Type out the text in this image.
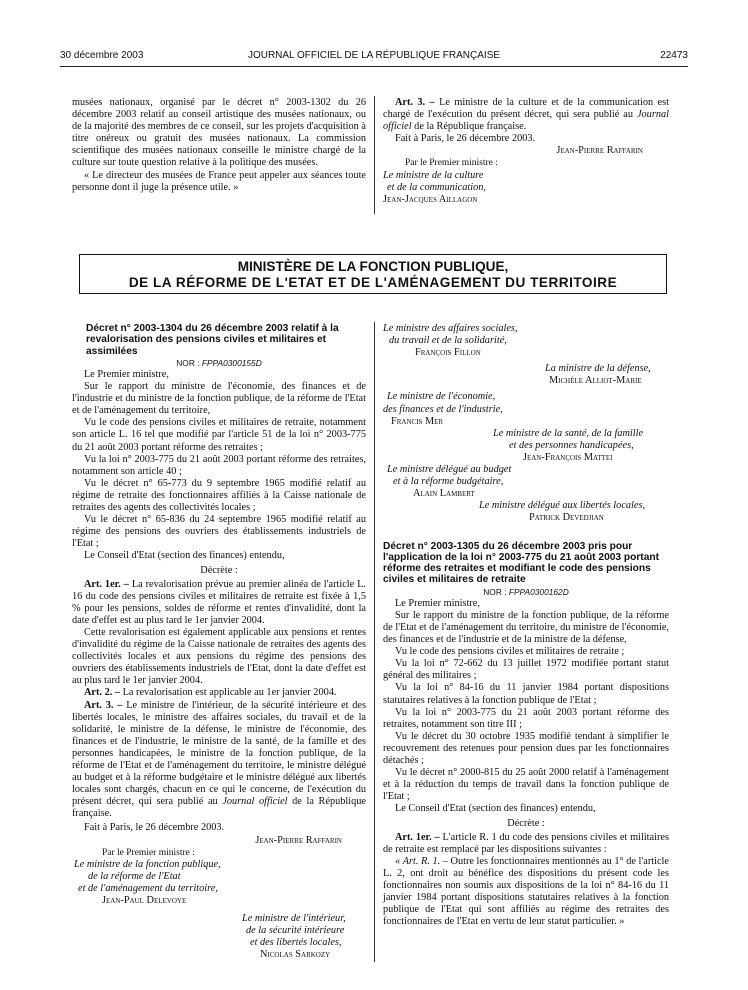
30 décembre 2003	JOURNAL OFFICIEL DE LA RÉPUBLIQUE FRANÇAISE	22473

musées nationaux, organisé par le décret n° 2003-1302 du 26 décembre 2003 relatif au conseil artistique des musées nationaux, ou de la majorité des membres de ce conseil, sur les projets d'acquisition à titre onéreux ou gratuit des musées nationaux. La commission scientifique des musées nationaux conseille le ministre chargé de la culture sur toute question relative à la politique des musées.

« Le directeur des musées de France peut appeler aux séances toute personne dont il juge la présence utile. »

Art. 3. – Le ministre de la culture et de la communication est chargé de l'exécution du présent décret, qui sera publié au Journal officiel de la République française.

Fait à Paris, le 26 décembre 2003.

Jean-Pierre Raffarin

Par le Premier ministre :

Le ministre de la culture

et de la communication,

Jean-Jacques Aillagon

MINISTÈRE DE LA FONCTION PUBLIQUE,
DE LA RÉFORME DE L'ETAT ET DE L'AMÉNAGEMENT DU TERRITOIRE

Décret n° 2003-1304 du 26 décembre 2003 relatif à la revalorisation des pensions civiles et militaires et assimilées

NOR : FPPA0300155D

Le Premier ministre,

Sur le rapport du ministre de l'économie, des finances et de l'industrie et du ministre de la fonction publique, de la réforme de l'Etat et de l'aménagement du territoire,

Vu le code des pensions civiles et militaires de retraite, notamment son article L. 16 tel que modifié par l'article 51 de la loi n° 2003-775 du 21 août 2003 portant réforme des retraites ;

Vu la loi n° 2003-775 du 21 août 2003 portant réforme des retraites, notamment son article 40 ;

Vu le décret n° 65-773 du 9 septembre 1965 modifié relatif au régime de retraite des fonctionnaires affiliés à la Caisse nationale de retraites des agents des collectivités locales ;

Vu le décret n° 65-836 du 24 septembre 1965 modifié relatif au régime des pensions des ouvriers des établissements industriels de l'Etat ;

Le Conseil d'Etat (section des finances) entendu,

Décrète :

Art. 1er. – La revalorisation prévue au premier alinéa de l'article L. 16 du code des pensions civiles et militaires de retraite est fixée à 1,5 % pour les pensions, soldes de réforme et rentes d'invalidité, dont la date d'effet est au plus tard le 1er janvier 2004.

Cette revalorisation est également applicable aux pensions et rentes d'invalidité du régime de la Caisse nationale de retraites des agents des collectivités locales et aux pensions du régime des pensions des ouvriers des établissements industriels de l'Etat, dont la date d'effet est au plus tard le 1er janvier 2004.

Art. 2. – La revalorisation est applicable au 1er janvier 2004.

Art. 3. – Le ministre de l'intérieur, de la sécurité intérieure et des libertés locales, le ministre des affaires sociales, du travail et de la solidarité, le ministre de la défense, le ministre de l'économie, des finances et de l'industrie, le ministre de la santé, de la famille et des personnes handicapées, le ministre de la fonction publique, de la réforme de l'Etat et de l'aménagement du territoire, le ministre délégué au budget et à la réforme budgétaire et le ministre délégué aux libertés locales sont chargés, chacun en ce qui le concerne, de l'exécution du présent décret, qui sera publié au Journal officiel de la République française.

Fait à Paris, le 26 décembre 2003.

Jean-Pierre Raffarin

Par le Premier ministre :

Le ministre de la fonction publique,

de la réforme de l'Etat

et de l'aménagement du territoire,

Jean-Paul Delevoye

Le ministre de l'intérieur,

de la sécurité intérieure

et des libertés locales,

Nicolas Sarkozy

Le ministre des affaires sociales,

du travail et de la solidarité,

François Fillon

La ministre de la défense,

Michèle Alliot-Marie

Le ministre de l'économie,

des finances et de l'industrie,

Francis Mer

Le ministre de la santé, de la famille

et des personnes handicapées,

Jean-François Mattei

Le ministre délégué au budget

et à la réforme budgétaire,

Alain Lambert

Le ministre délégué aux libertés locales,

Patrick Devedjian

Décret n° 2003-1305 du 26 décembre 2003 pris pour l'application de la loi n° 2003-775 du 21 août 2003 portant réforme des retraites et modifiant le code des pensions civiles et militaires de retraite

NOR : FPPA0300162D

Le Premier ministre,

Sur le rapport du ministre de la fonction publique, de la réforme de l'Etat et de l'aménagement du territoire, du ministre de l'économie, des finances et de l'industrie et de la ministre de la défense,

Vu le code des pensions civiles et militaires de retraite ;

Vu la loi n° 72-662 du 13 juillet 1972 modifiée portant statut général des militaires ;

Vu la loi n° 84-16 du 11 janvier 1984 portant dispositions statutaires relatives à la fonction publique de l'Etat ;

Vu la loi n° 2003-775 du 21 août 2003 portant réforme des retraites, notamment son titre III ;

Vu le décret du 30 octobre 1935 modifié tendant à simplifier le recouvrement des retenues pour pension dues par les fonctionnaires détachés ;

Vu le décret n° 2000-815 du 25 août 2000 relatif à l'aménagement et à la réduction du temps de travail dans la fonction publique de l'Etat ;

Le Conseil d'Etat (section des finances) entendu,

Décrète :

Art. 1er. – L'article R. 1 du code des pensions civiles et militaires de retraite est remplacé par les dispositions suivantes :

« Art. R. 1. – Outre les fonctionnaires mentionnés au 1° de l'article L. 2, ont droit au bénéfice des dispositions du présent code les fonctionnaires non soumis aux dispositions de la loi n° 84-16 du 11 janvier 1984 portant dispositions statutaires relatives à la fonction publique de l'Etat qui sont affiliés au régime des retraites des fonctionnaires de l'Etat en vertu de leur statut particulier. »
